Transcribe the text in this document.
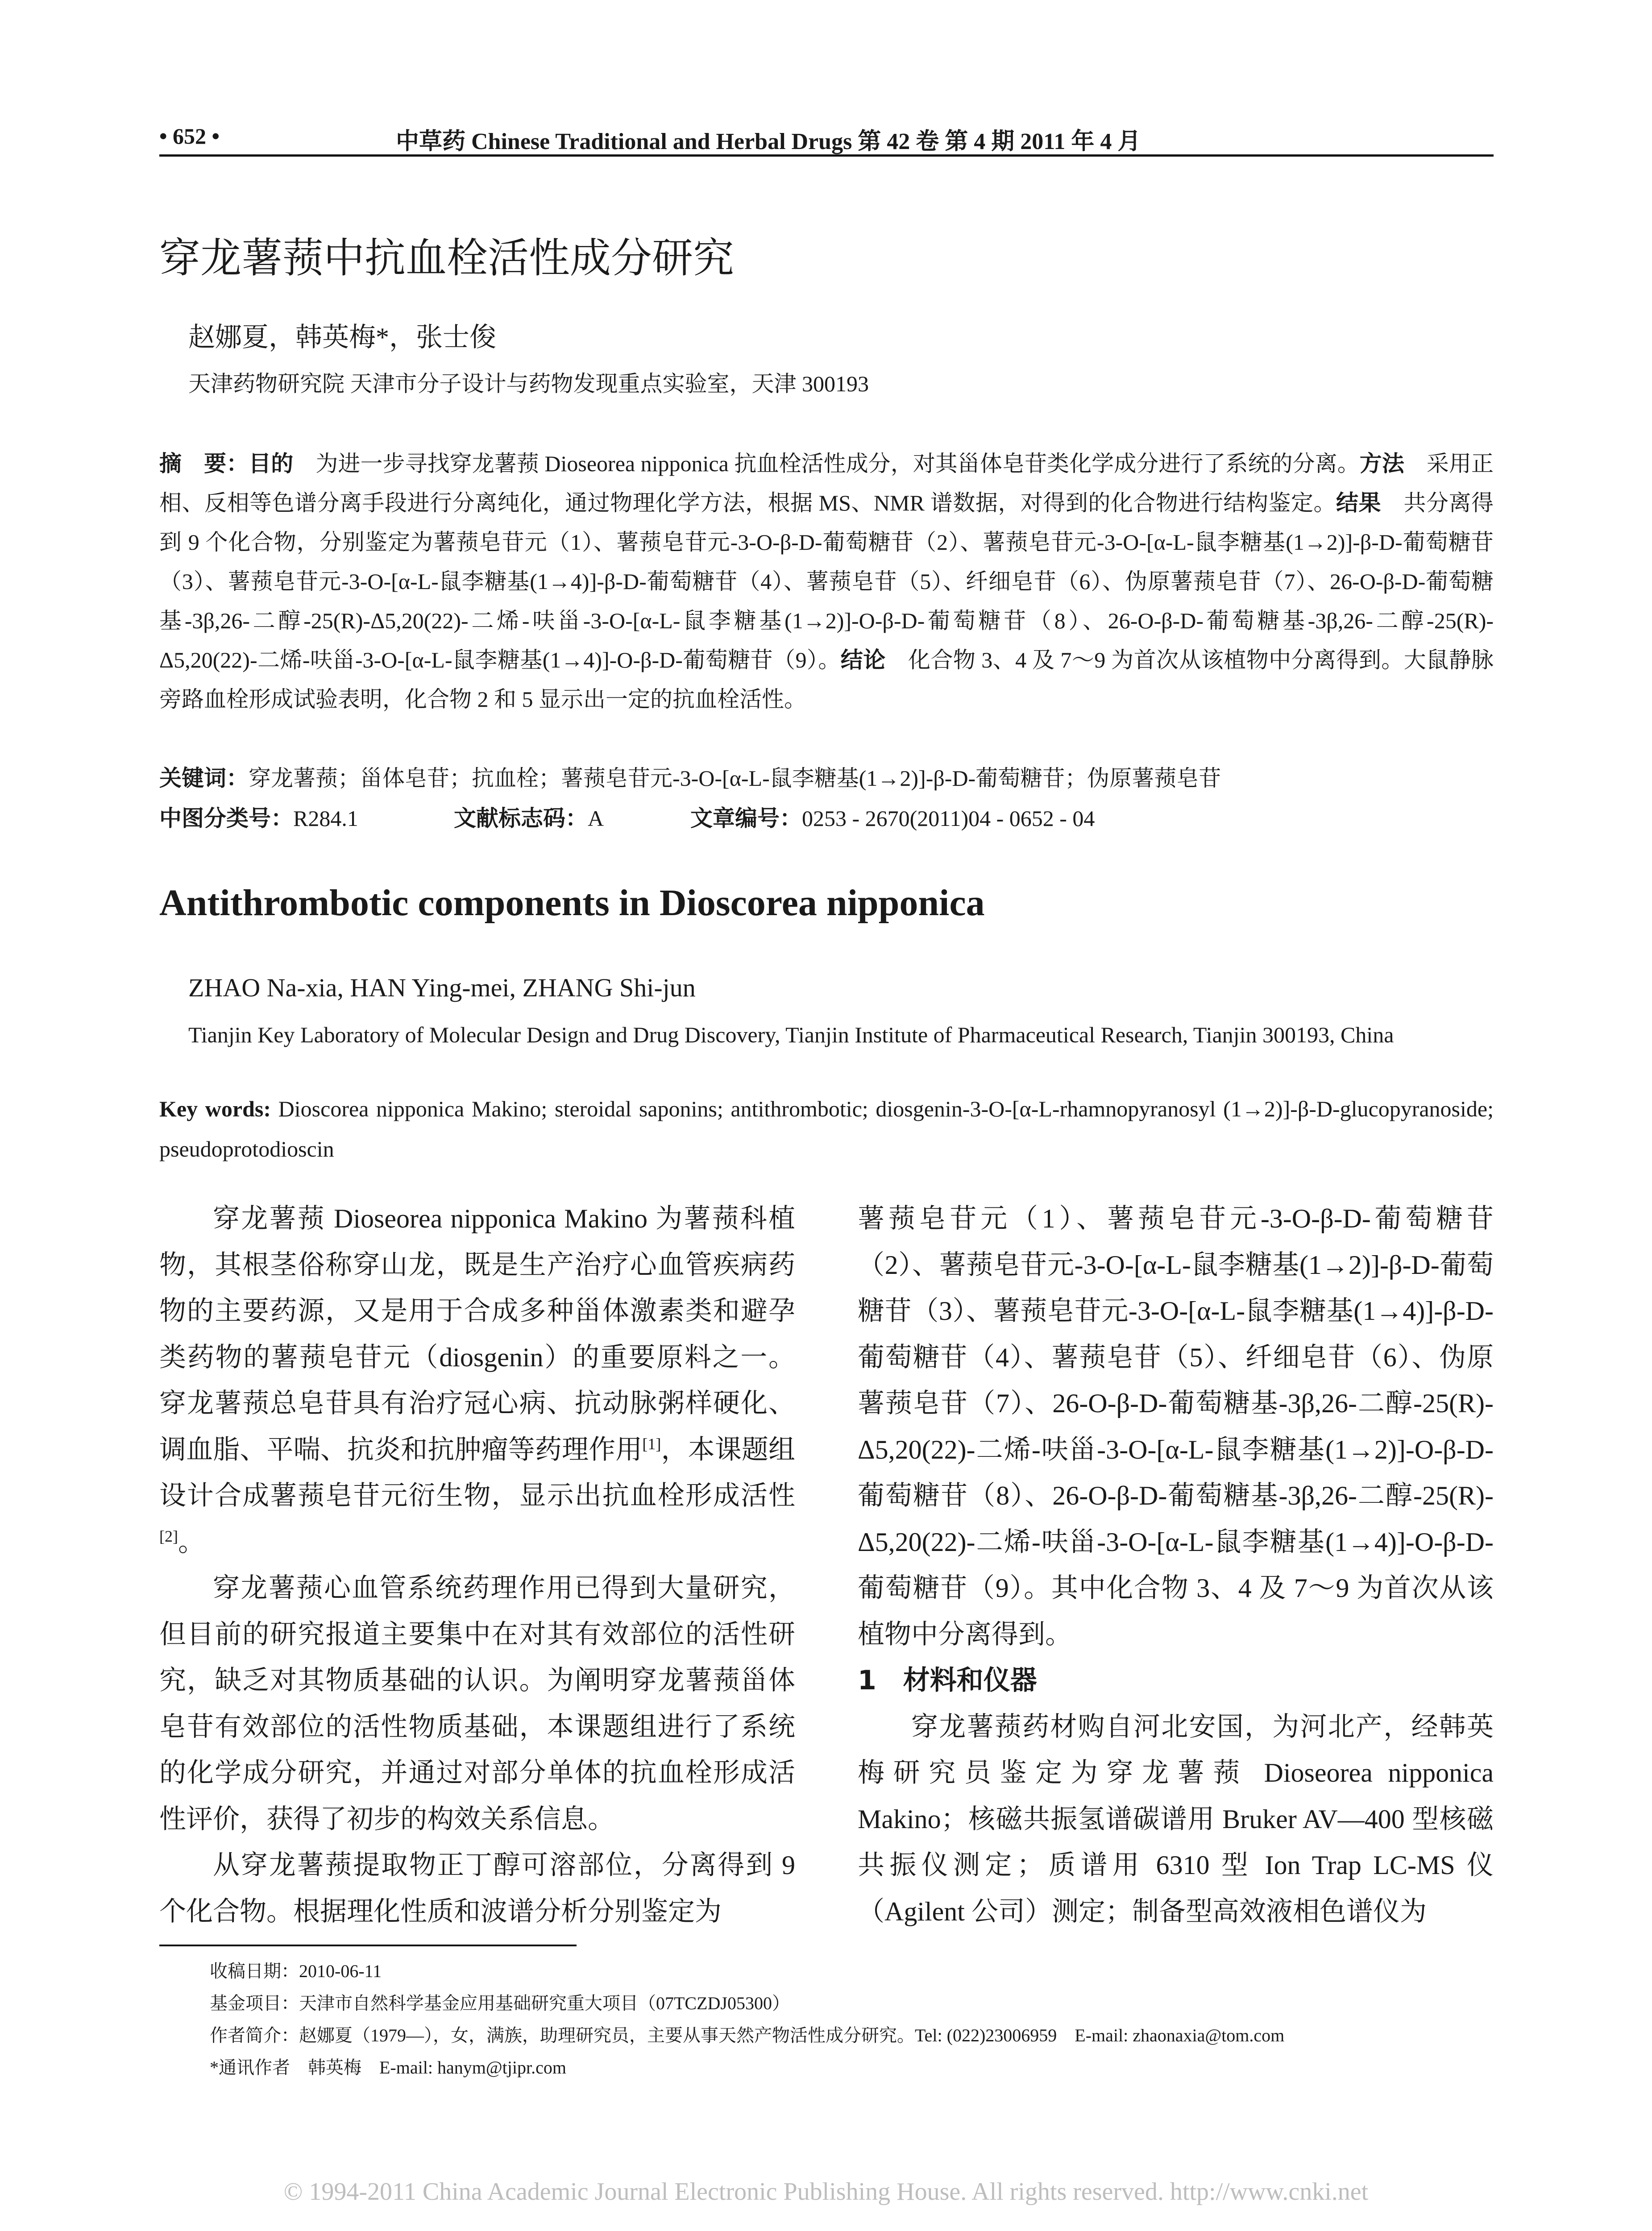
• 652 •	中草药 Chinese Traditional and Herbal Drugs 第 42 卷 第 4 期 2011 年 4 月
穿龙薯蓣中抗血栓活性成分研究
赵娜夏，韩英梅*，张士俊
天津药物研究院 天津市分子设计与药物发现重点实验室，天津 300193
摘　要：目的　为进一步寻找穿龙薯蓣 Dioseorea nipponica 抗血栓活性成分，对其甾体皂苷类化学成分进行了系统的分离。方法　采用正相、反相等色谱分离手段进行分离纯化，通过物理化学方法，根据 MS、NMR 谱数据，对得到的化合物进行结构鉴定。结果　共分离得到 9 个化合物，分别鉴定为薯蓣皂苷元（1）、薯蓣皂苷元-3-O-β-D-葡萄糖苷（2）、薯蓣皂苷元-3-O-[α-L-鼠李糖基(1→2)]-β-D-葡萄糖苷（3）、薯蓣皂苷元-3-O-[α-L-鼠李糖基(1→4)]-β-D-葡萄糖苷（4）、薯蓣皂苷（5）、纤细皂苷（6）、伪原薯蓣皂苷（7）、26-O-β-D-葡萄糖基-3β,26-二醇-25(R)-Δ5,20(22)-二烯-呋甾-3-O-[α-L-鼠李糖基(1→2)]-O-β-D-葡萄糖苷（8）、26-O-β-D-葡萄糖基-3β,26-二醇-25(R)-Δ5,20(22)-二烯-呋甾-3-O-[α-L-鼠李糖基(1→4)]-O-β-D-葡萄糖苷（9）。结论　化合物 3、4 及 7～9 为首次从该植物中分离得到。大鼠静脉旁路血栓形成试验表明，化合物 2 和 5 显示出一定的抗血栓活性。
关键词：穿龙薯蓣；甾体皂苷；抗血栓；薯蓣皂苷元-3-O-[α-L-鼠李糖基(1→2)]-β-D-葡萄糖苷；伪原薯蓣皂苷
中图分类号：R284.1	文献标志码：A	文章编号：0253 - 2670(2011)04 - 0652 - 04
Antithrombotic components in Dioscorea nipponica
ZHAO Na-xia, HAN Ying-mei, ZHANG Shi-jun
Tianjin Key Laboratory of Molecular Design and Drug Discovery, Tianjin Institute of Pharmaceutical Research, Tianjin 300193, China
Key words: Dioscorea nipponica Makino; steroidal saponins; antithrombotic; diosgenin-3-O-[α-L-rhamnopyranosyl (1→2)]-β-D-glucopyranoside; pseudoprotodioscin

穿龙薯蓣 Dioseorea nipponica Makino 为薯蓣科植物，其根茎俗称穿山龙，既是生产治疗心血管疾病药物的主要药源，又是用于合成多种甾体激素类和避孕类药物的薯蓣皂苷元（diosgenin）的重要原料之一。穿龙薯蓣总皂苷具有治疗冠心病、抗动脉粥样硬化、调血脂、平喘、抗炎和抗肿瘤等药理作用[1]，本课题组设计合成薯蓣皂苷元衍生物，显示出抗血栓形成活性[2]。

穿龙薯蓣心血管系统药理作用已得到大量研究，但目前的研究报道主要集中在对其有效部位的活性研究，缺乏对其物质基础的认识。为阐明穿龙薯蓣甾体皂苷有效部位的活性物质基础，本课题组进行了系统的化学成分研究，并通过对部分单体的抗血栓形成活性评价，获得了初步的构效关系信息。

从穿龙薯蓣提取物正丁醇可溶部位，分离得到 9 个化合物。根据理化性质和波谱分析分别鉴定为

薯蓣皂苷元（1）、薯蓣皂苷元-3-O-β-D-葡萄糖苷（2）、薯蓣皂苷元-3-O-[α-L-鼠李糖基(1→2)]-β-D-葡萄糖苷（3）、薯蓣皂苷元-3-O-[α-L-鼠李糖基(1→4)]-β-D-葡萄糖苷（4）、薯蓣皂苷（5）、纤细皂苷（6）、伪原薯蓣皂苷（7）、26-O-β-D-葡萄糖基-3β,26-二醇-25(R)-Δ5,20(22)-二烯-呋甾-3-O-[α-L-鼠李糖基(1→2)]-O-β-D-葡萄糖苷（8）、26-O-β-D-葡萄糖基-3β,26-二醇-25(R)-Δ5,20(22)-二烯-呋甾-3-O-[α-L-鼠李糖基(1→4)]-O-β-D-葡萄糖苷（9）。其中化合物 3、4 及 7～9 为首次从该植物中分离得到。

1　材料和仪器

穿龙薯蓣药材购自河北安国，为河北产，经韩英梅研究员鉴定为穿龙薯蓣 Dioseorea nipponica Makino；核磁共振氢谱碳谱用 Bruker AV—400 型核磁共振仪测定；质谱用 6310 型 Ion Trap LC-MS 仪（Agilent 公司）测定；制备型高效液相色谱仪为

收稿日期：2010-06-11
基金项目：天津市自然科学基金应用基础研究重大项目（07TCZDJ05300）
作者简介：赵娜夏（1979—），女，满族，助理研究员，主要从事天然产物活性成分研究。Tel: (022)23006959　E-mail: zhaonaxia@tom.com
*通讯作者　韩英梅　E-mail: hanym@tjipr.com
© 1994-2011 China Academic Journal Electronic Publishing House. All rights reserved. http://www.cnki.net
